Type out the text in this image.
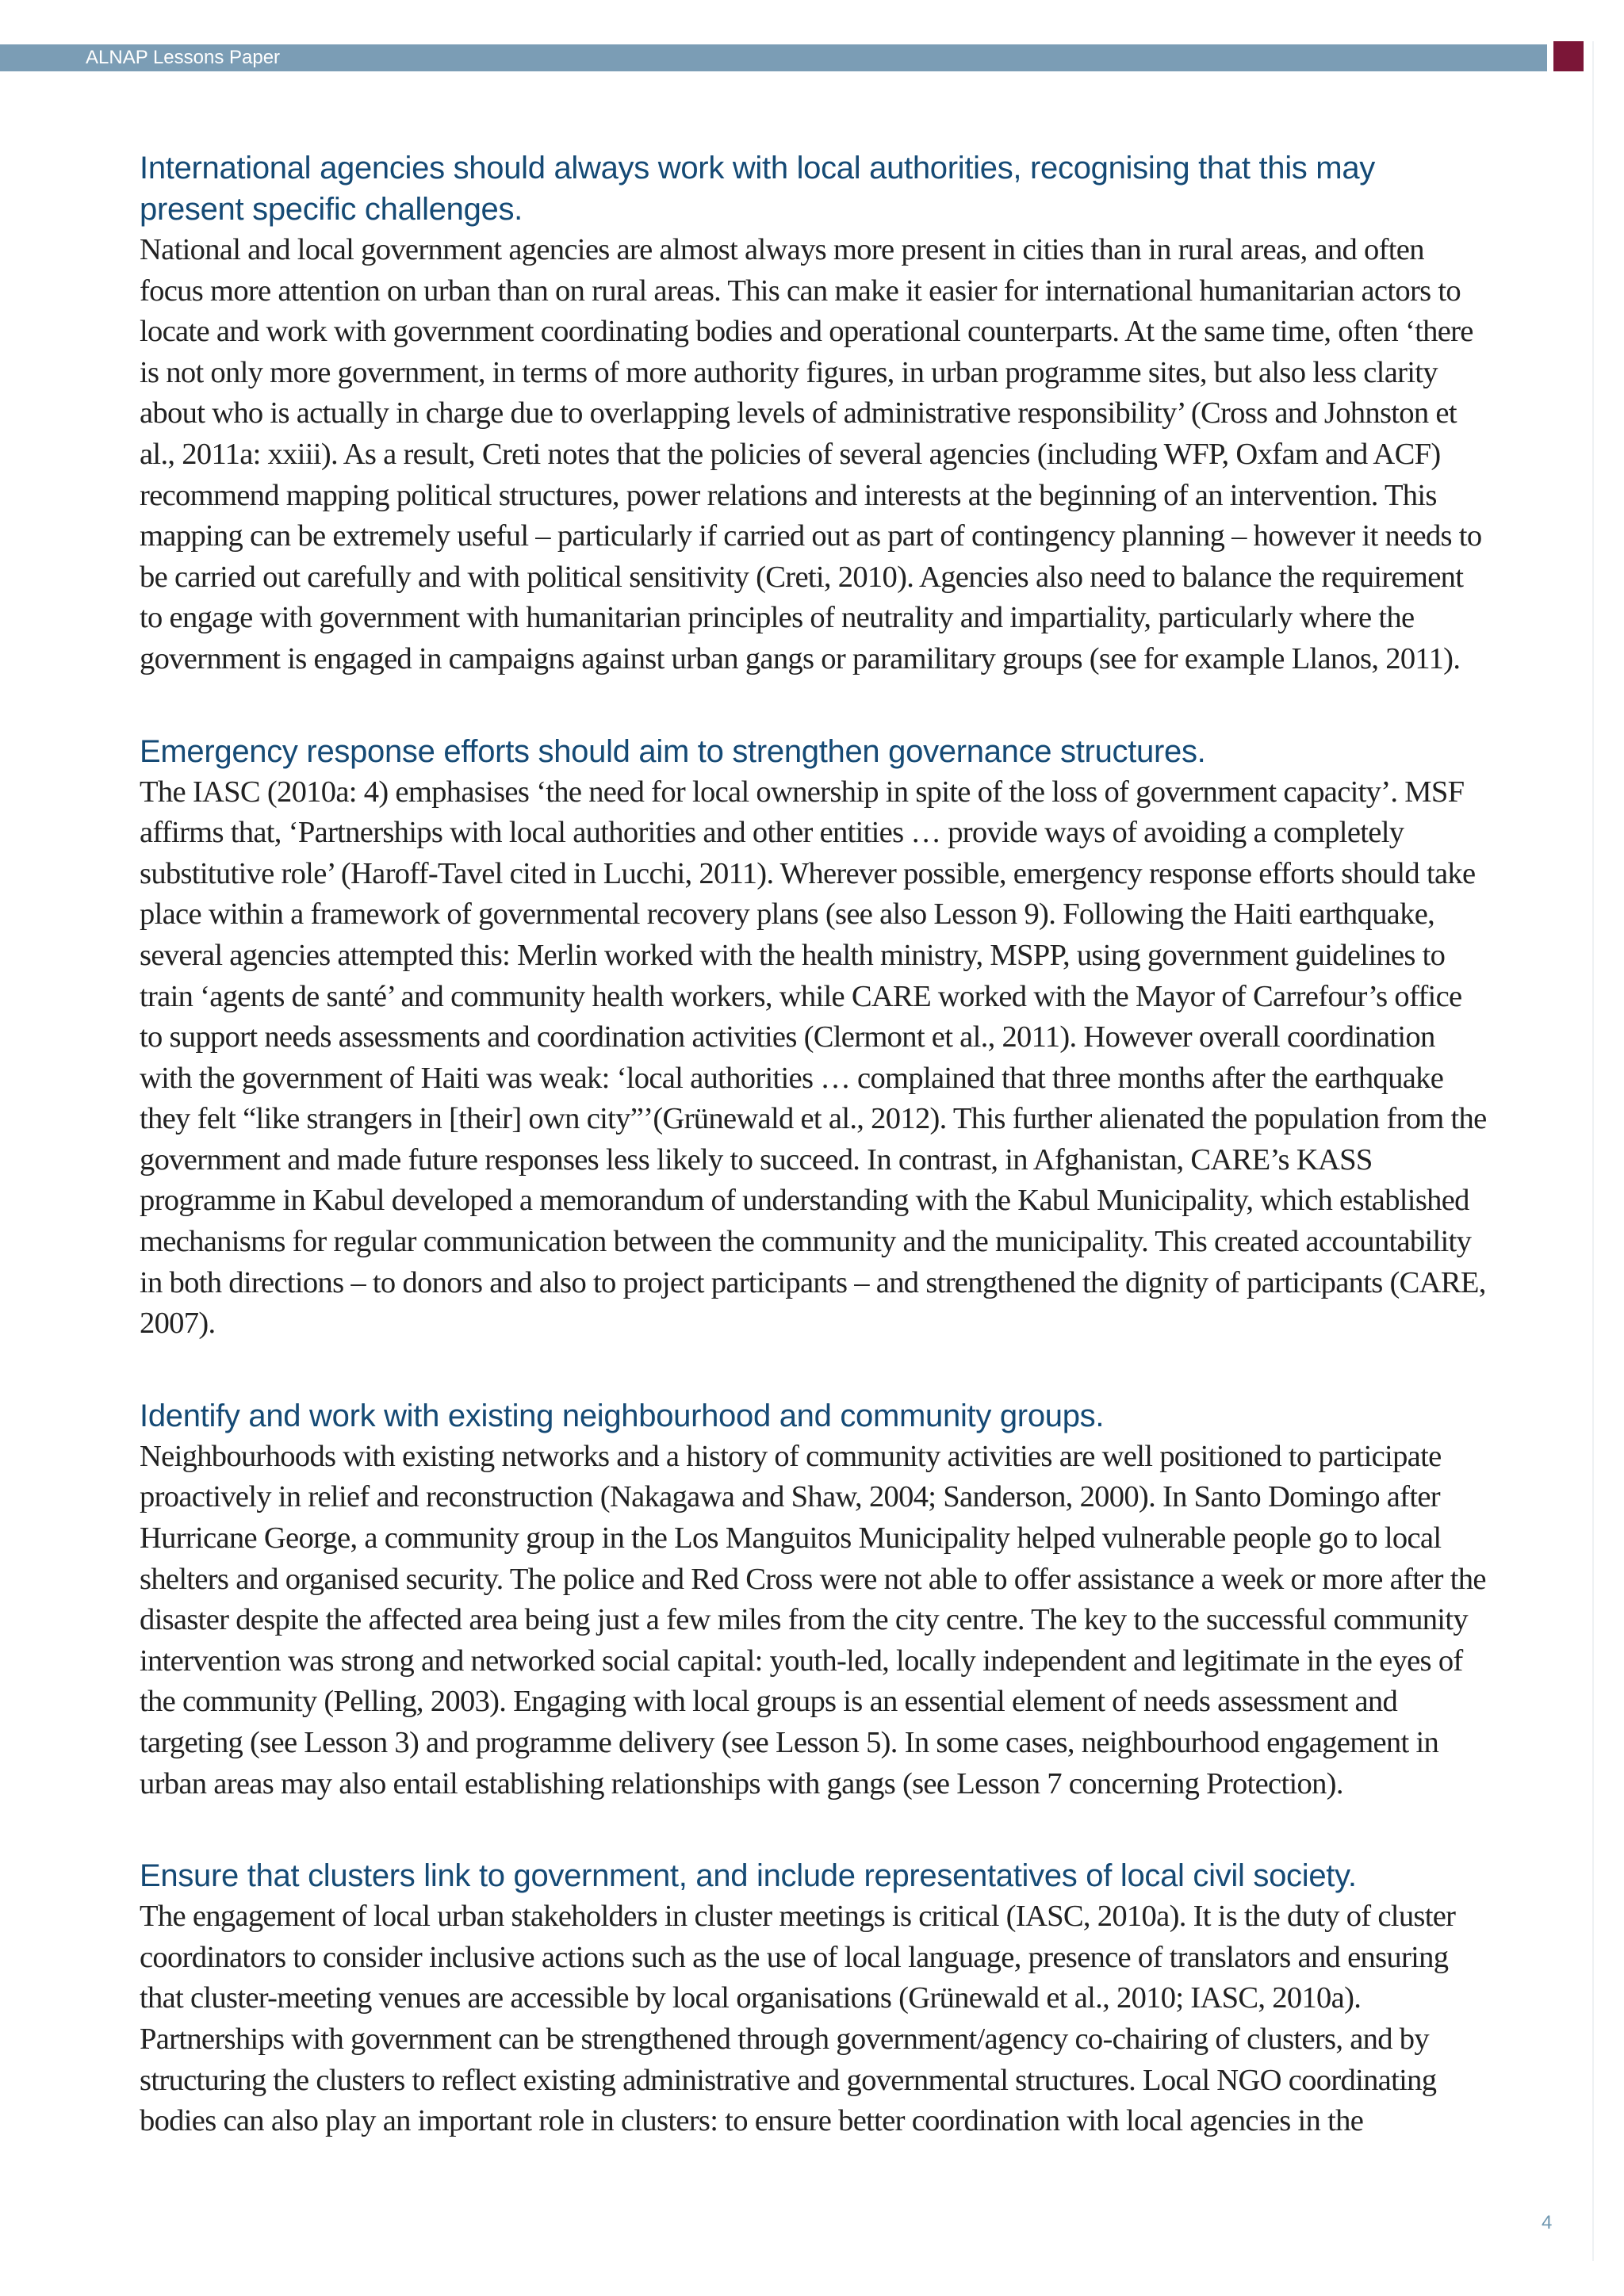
ALNAP Lessons Paper
International agencies should always work with local authorities, recognising that this may present specific challenges.

National and local government agencies are almost always more present in cities than in rural areas, and often focus more attention on urban than on rural areas. This can make it easier for international humanitarian actors to locate and work with government coordinating bodies and operational counterparts. At the same time, often ‘there is not only more government, in terms of more authority figures, in urban programme sites, but also less clarity about who is actually in charge due to overlapping levels of administrative responsibility’ (Cross and Johnston et al., 2011a: xxiii). As a result, Creti notes that the policies of several agencies (including WFP, Oxfam and ACF) recommend mapping political structures, power relations and interests at the beginning of an intervention. This mapping can be extremely useful – particularly if carried out as part of contingency planning – however it needs to be carried out carefully and with political sensitivity (Creti, 2010). Agencies also need to balance the requirement to engage with government with humanitarian principles of neutrality and impartiality, particularly where the government is engaged in campaigns against urban gangs or paramilitary groups (see for example Llanos, 2011).

Emergency response efforts should aim to strengthen governance structures.

The IASC (2010a: 4) emphasises ‘the need for local ownership in spite of the loss of government capacity’. MSF affirms that, ‘Partnerships with local authorities and other entities … provide ways of avoiding a completely substitutive role’ (Haroff-Tavel cited in Lucchi, 2011). Wherever possible, emergency response efforts should take place within a framework of governmental recovery plans (see also Lesson 9). Following the Haiti earthquake, several agencies attempted this: Merlin worked with the health ministry, MSPP, using government guidelines to train ‘agents de santé’ and community health workers, while CARE worked with the Mayor of Carrefour’s office to support needs assessments and coordination activities (Clermont et al., 2011). However overall coordination with the government of Haiti was weak: ‘local authorities … complained that three months after the earthquake they felt “like strangers in [their] own city”’(Grünewald et al., 2012). This further alienated the population from the government and made future responses less likely to succeed. In contrast, in Afghanistan, CARE’s KASS programme in Kabul developed a memorandum of understanding with the Kabul Municipality, which established mechanisms for regular communication between the community and the municipality. This created accountability in both directions – to donors and also to project participants – and strengthened the dignity of participants (CARE, 2007).

Identify and work with existing neighbourhood and community groups.

Neighbourhoods with existing networks and a history of community activities are well positioned to participate proactively in relief and reconstruction (Nakagawa and Shaw, 2004; Sanderson, 2000). In Santo Domingo after Hurricane George, a community group in the Los Manguitos Municipality helped vulnerable people go to local shelters and organised security. The police and Red Cross were not able to offer assistance a week or more after the disaster despite the affected area being just a few miles from the city centre. The key to the successful community intervention was strong and networked social capital: youth-led, locally independent and legitimate in the eyes of the community (Pelling, 2003). Engaging with local groups is an essential element of needs assessment and targeting (see Lesson 3) and programme delivery (see Lesson 5). In some cases, neighbourhood engagement in urban areas may also entail establishing relationships with gangs (see Lesson 7 concerning Protection).

Ensure that clusters link to government, and include representatives of local civil society.

The engagement of local urban stakeholders in cluster meetings is critical (IASC, 2010a). It is the duty of cluster coordinators to consider inclusive actions such as the use of local language, presence of translators and ensuring that cluster-meeting venues are accessible by local organisations (Grünewald et al., 2010; IASC, 2010a). Partnerships with government can be strengthened through government/agency co-chairing of clusters, and by structuring the clusters to reflect existing administrative and governmental structures. Local NGO coordinating bodies can also play an important role in clusters: to ensure better coordination with local agencies in the

4
